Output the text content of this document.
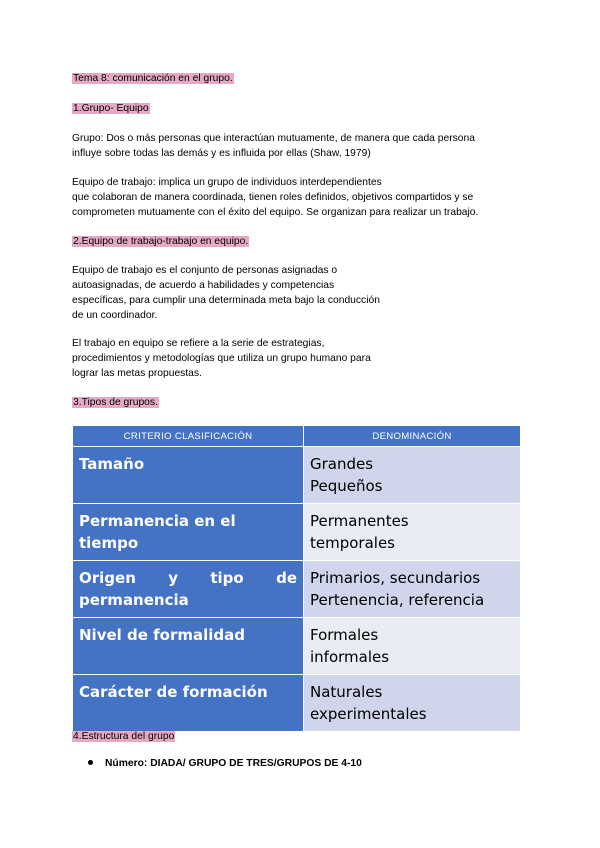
Tema 8: comunicación en el grupo.

1.Grupo- Equipo

Grupo: Dos o más personas que interactúan mutuamente, de manera que cada persona
influye sobre todas las demás y es influida por ellas (Shaw, 1979)

Equipo de trabajo: implica un grupo de individuos interdependientes
que colaboran de manera coordinada, tienen roles definidos, objetivos compartidos y se
comprometen mutuamente con el éxito del equipo. Se organizan para realizar un trabajo.

2.Equipo de trabajo-trabajo en equipo.

Equipo de trabajo es el conjunto de personas asignadas o
autoasignadas, de acuerdo a habilidades y competencias
específicas, para cumplir una determinada meta bajo la conducción
de un coordinador.

El trabajo en equipo se refiere a la serie de estrategias,
procedimientos y metodologías que utiliza un grupo humano para
lograr las metas propuestas.

3.Tipos de grupos.

CRITERIO CLASIFICACIÓN	DENOMINACIÓN
Tamaño	Grandes
Pequeños

Permanencia en el tiempo	Permanentes
temporales

Origen y tipo de permanencia	Primarios, secundarios
Pertenencia, referencia

Nivel de formalidad	Formales
informales

Carácter de formación	Naturales
experimentales

4.Estructura del grupo

Número: DIADA/ GRUPO DE TRES/GRUPOS DE 4-10
